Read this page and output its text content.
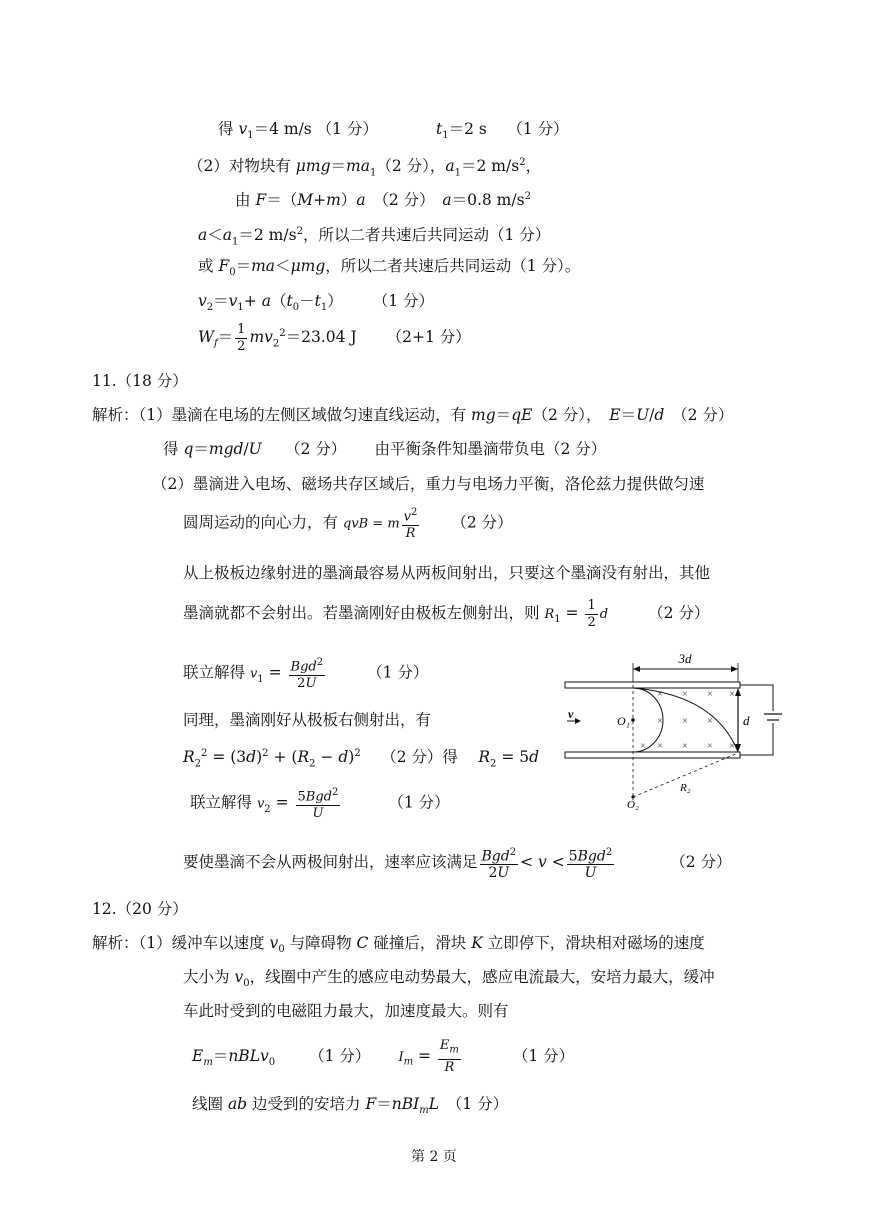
得 $v_1=4$ m/s （1 分）	$t_1=2$ s　 （1 分）
（2）对物块有 $\mu mg=ma_1(2$ 分），$a_1=2$ $m/s^2$，
由 F＝（M+m）a　（2 分）　a＝0.8 $m/s^2$
$a<a_1=2$ $m/s^2$，所以二者共速后共同运动（1 分）
或 $F_0=ma<\mu mg$，所以二者共速后共同运动（1 分）。
$v_2=v_1+ a(t_0-t_1)$ （1 分）
$W_f= \frac{1}{2} mv_2^2=23.04$ J （2+1 分）
11.（18 分）
解析：（1）墨滴在电场的左侧区域做匀速直线运动，有 mg＝qE（2 分），　E＝U/d　（2 分）
得 q＝mgd/U　　（2 分）　　 由平衡条件知墨滴带负电（2 分）
（2）墨滴进入电场、磁场共存区域后，重力与电场力平衡，洛伦兹力提供做匀速
圆周运动的向心力，有 qvB = m $\frac{v^2}{R} (2$ 分）
从上极板边缘射进的墨滴最容易从两板间射出，只要这个墨滴没有射出，其他
墨滴就都不会射出。若墨滴刚好由极板左侧射出，则 $R_1 = \frac{1}{2}$ d	（2 分）
联立解得 $v_1 = Bgd^2$
2U
（1 分）
同理，墨滴刚好从极板右侧射出，有
$R_2^2 = (3d)^2 + (R_2 - d)^2$　 （2 分）得　 $R_2 = 5d$
联立解得 $v_2 = 5Bgd^2$
U
（1 分）
要使墨滴不会从两极间射出，速率应该满足 Bgd$^2$
2U
< v < 5Bgd$^2$
U
（2 分）
3d
× × × ×
× × ×
× × × × ×
d
O₁
v
O₂
R₂
12.（20 分）
解析：（1）缓冲车以速度 $v_0$ 与障碍物 C 碰撞后，滑块 K 立即停下，滑块相对磁场的速度
大小为 $v_0$，线圈中产生的感应电动势最大，感应电流最大，安培力最大，缓冲
车此时受到的电磁阻力最大，加速度最大。则有
$E_m=nBLv_0$ （1 分） $I_m = \frac{E_m}{R}$	（1 分）
线圈 ab 边受到的安培力 F＝nBI$_m$L　（1 分）
第 2 页
